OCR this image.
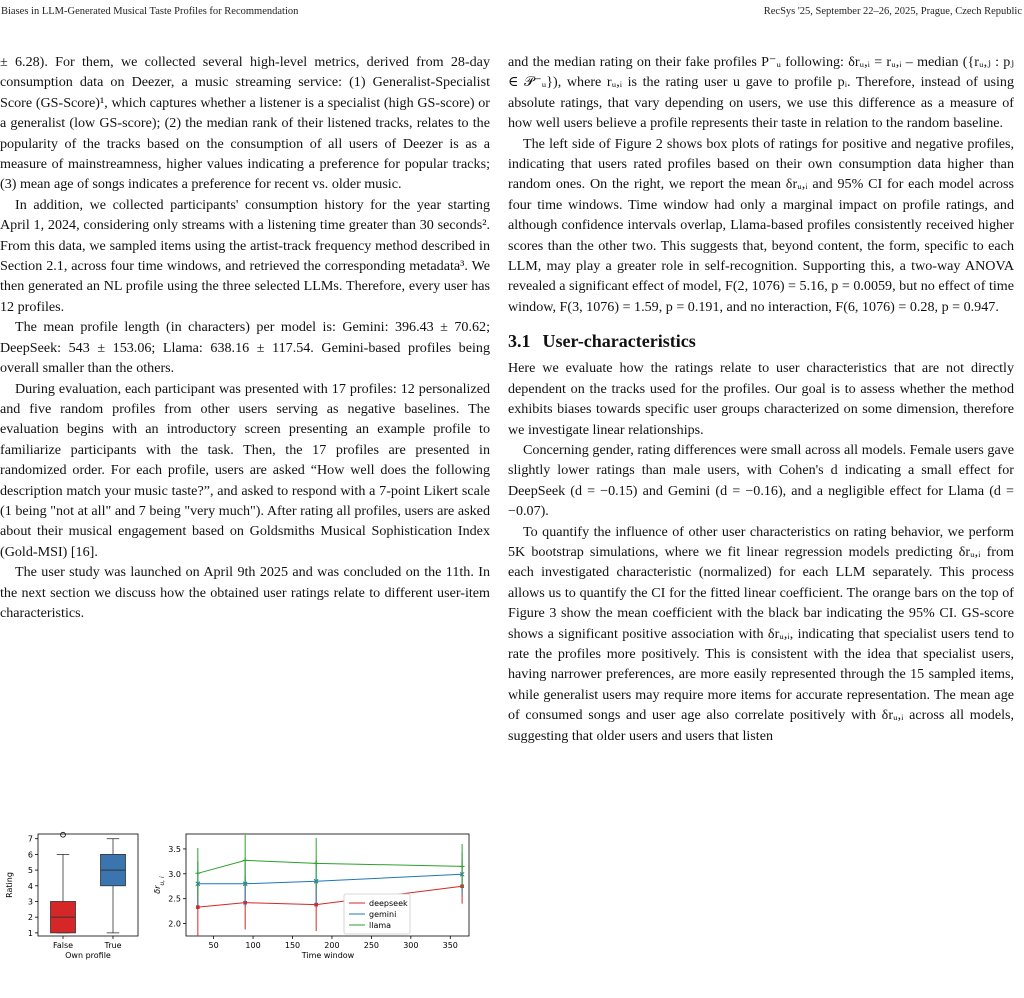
Biases in LLM-Generated Musical Taste Profiles for Recommendation	RecSys '25, September 22–26, 2025, Prague, Czech Republic

± 6.28). For them, we collected several high-level metrics, derived from 28-day consumption data on Deezer, a music streaming service: (1) Generalist-Specialist Score (GS-Score)¹, which captures whether a listener is a specialist (high GS-score) or a generalist (low GS-score); (2) the median rank of their listened tracks, relates to the popularity of the tracks based on the consumption of all users of Deezer is as a measure of mainstreamness, higher values indicating a preference for popular tracks; (3) mean age of songs indicates a preference for recent vs. older music.

In addition, we collected participants' consumption history for the year starting April 1, 2024, considering only streams with a listening time greater than 30 seconds². From this data, we sampled items using the artist-track frequency method described in Section 2.1, across four time windows, and retrieved the corresponding metadata³. We then generated an NL profile using the three selected LLMs. Therefore, every user has 12 profiles.

The mean profile length (in characters) per model is: Gemini: 396.43 ± 70.62; DeepSeek: 543 ± 153.06; Llama: 638.16 ± 117.54. Gemini-based profiles being overall smaller than the others.

During evaluation, each participant was presented with 17 profiles: 12 personalized and five random profiles from other users serving as negative baselines. The evaluation begins with an introductory screen presenting an example profile to familiarize participants with the task. Then, the 17 profiles are presented in randomized order. For each profile, users are asked “How well does the following description match your music taste?”, and asked to respond with a 7-point Likert scale (1 being "not at all" and 7 being "very much"). After rating all profiles, users are asked about their musical engagement based on Goldsmiths Musical Sophistication Index (Gold-MSI) [16].

The user study was launched on April 9th 2025 and was concluded on the 11th. In the next section we discuss how the obtained user ratings relate to different user-item characteristics.

1
2
3
4
5
6
7
False	True
Own profile
Rating
2.0
2.5
3.0
3.5
50	100	150	200	250	300	350
Time window
$\delta r_{u, i}$
deepseek
gemini
llama

and the median rating on their fake profiles P⁻ᵤ following: δrᵤ,ᵢ = rᵤ,ᵢ – median ({rᵤ,ⱼ : pⱼ ∈ 𝒫⁻ᵤ}), where rᵤ,ᵢ is the rating user u gave to profile pᵢ. Therefore, instead of using absolute ratings, that vary depending on users, we use this difference as a measure of how well users believe a profile represents their taste in relation to the random baseline.

The left side of Figure 2 shows box plots of ratings for positive and negative profiles, indicating that users rated profiles based on their own consumption data higher than random ones. On the right, we report the mean δrᵤ,ᵢ and 95% CI for each model across four time windows. Time window had only a marginal impact on profile ratings, and although confidence intervals overlap, Llama-based profiles consistently received higher scores than the other two. This suggests that, beyond content, the form, specific to each LLM, may play a greater role in self-recognition. Supporting this, a two-way ANOVA revealed a significant effect of model, F(2, 1076) = 5.16, p = 0.0059, but no effect of time window, F(3, 1076) = 1.59, p = 0.191, and no interaction, F(6, 1076) = 0.28, p = 0.947.

3.1 User-characteristics

Here we evaluate how the ratings relate to user characteristics that are not directly dependent on the tracks used for the profiles. Our goal is to assess whether the method exhibits biases towards specific user groups characterized on some dimension, therefore we investigate linear relationships.

Concerning gender, rating differences were small across all models. Female users gave slightly lower ratings than male users, with Cohen's d indicating a small effect for DeepSeek (d = −0.15) and Gemini (d = −0.16), and a negligible effect for Llama (d = −0.07).

To quantify the influence of other user characteristics on rating behavior, we perform 5K bootstrap simulations, where we fit linear regression models predicting δrᵤ,ᵢ from each investigated characteristic (normalized) for each LLM separately. This process allows us to quantify the CI for the fitted linear coefficient. The orange bars on the top of Figure 3 show the mean coefficient with the black bar indicating the 95% CI. GS-score shows a significant positive association with δrᵤ,ᵢ, indicating that specialist users tend to rate the profiles more positively. This is consistent with the idea that specialist users, having narrower preferences, are more easily represented through the 15 sampled items, while generalist users may require more items for accurate representation. The mean age of consumed songs and user age also correlate positively with δrᵤ,ᵢ across all models, suggesting that older users and users that listen
